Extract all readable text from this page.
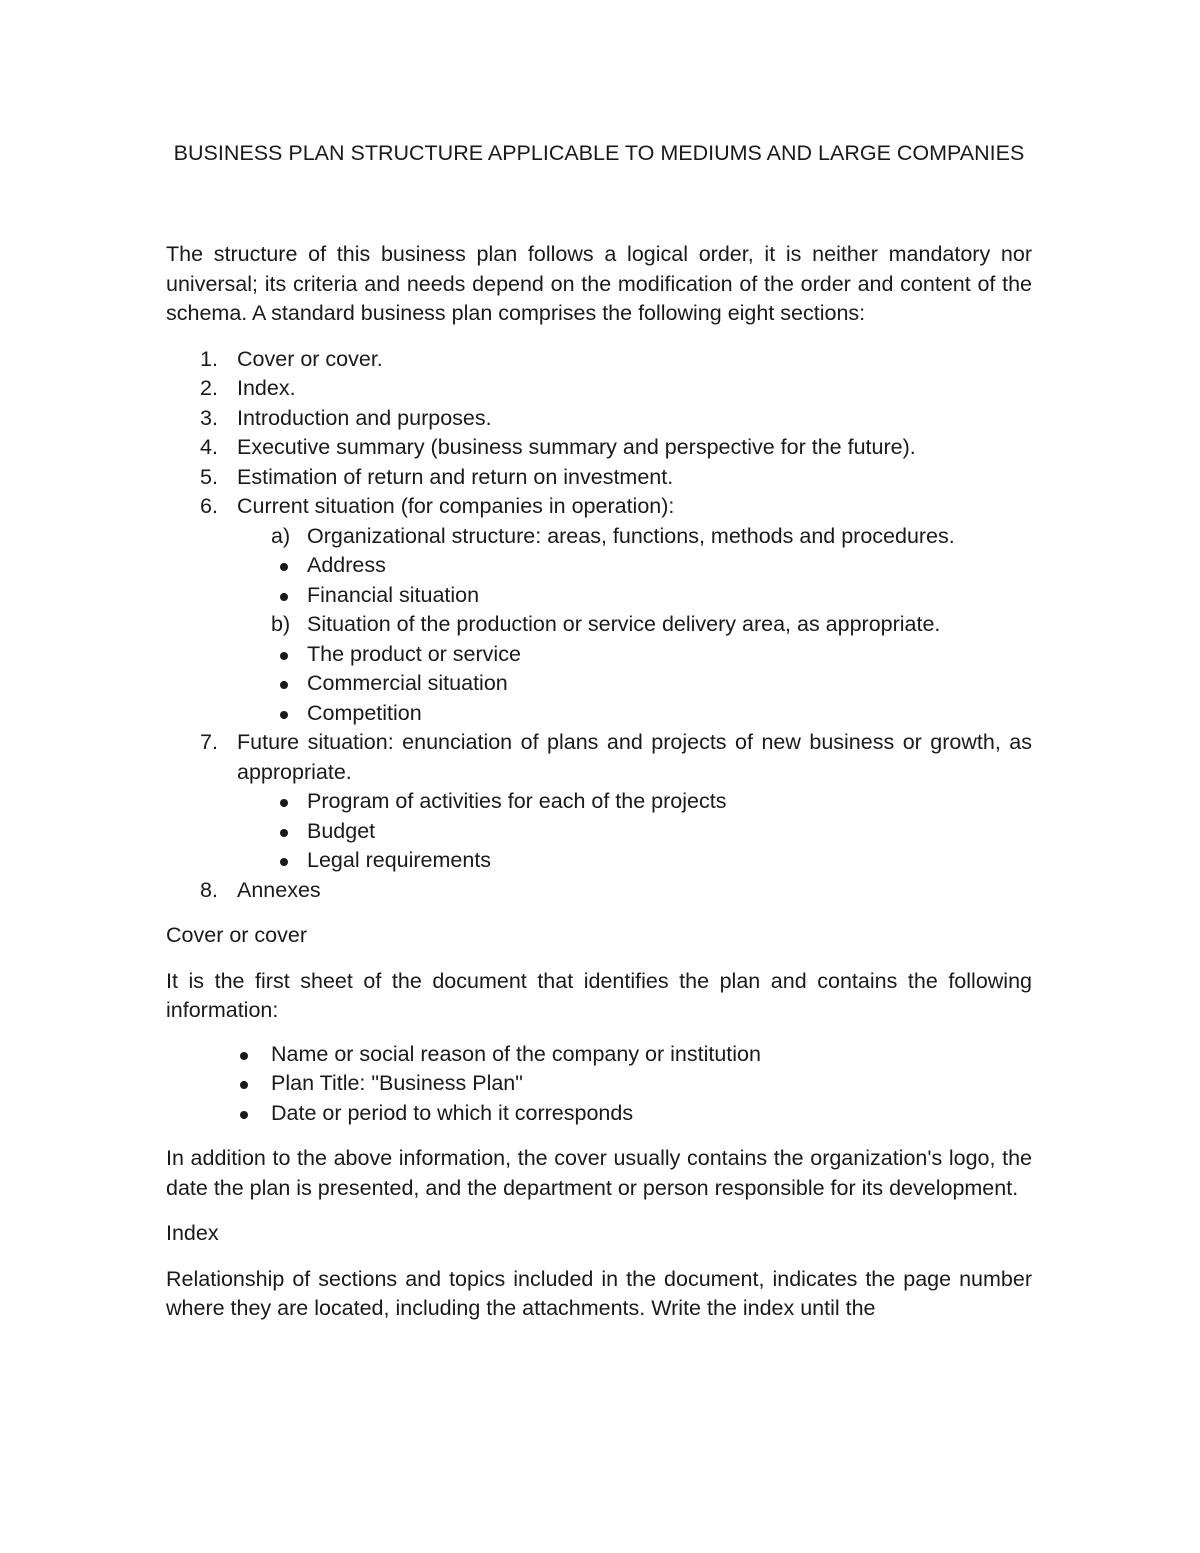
BUSINESS PLAN STRUCTURE APPLICABLE TO MEDIUMS AND LARGE COMPANIES

The structure of this business plan follows a logical order, it is neither mandatory nor universal; its criteria and needs depend on the modification of the order and content of the schema. A standard business plan comprises the following eight sections:

1. Cover or cover.
2. Index.
3. Introduction and purposes.
4. Executive summary (business summary and perspective for the future).
5. Estimation of return and return on investment.
6. Current situation (for companies in operation):
a) Organizational structure: areas, functions, methods and procedures.
Address
Financial situation
b) Situation of the production or service delivery area, as appropriate.
The product or service
Commercial situation
Competition
7. Future situation: enunciation of plans and projects of new business or growth, as appropriate.
Program of activities for each of the projects
Budget
Legal requirements
8. Annexes

Cover or cover

It is the first sheet of the document that identifies the plan and contains the following information:

Name or social reason of the company or institution
Plan Title: "Business Plan"
Date or period to which it corresponds

In addition to the above information, the cover usually contains the organization's logo, the date the plan is presented, and the department or person responsible for its development.

Index

Relationship of sections and topics included in the document, indicates the page number where they are located, including the attachments. Write the index until the
